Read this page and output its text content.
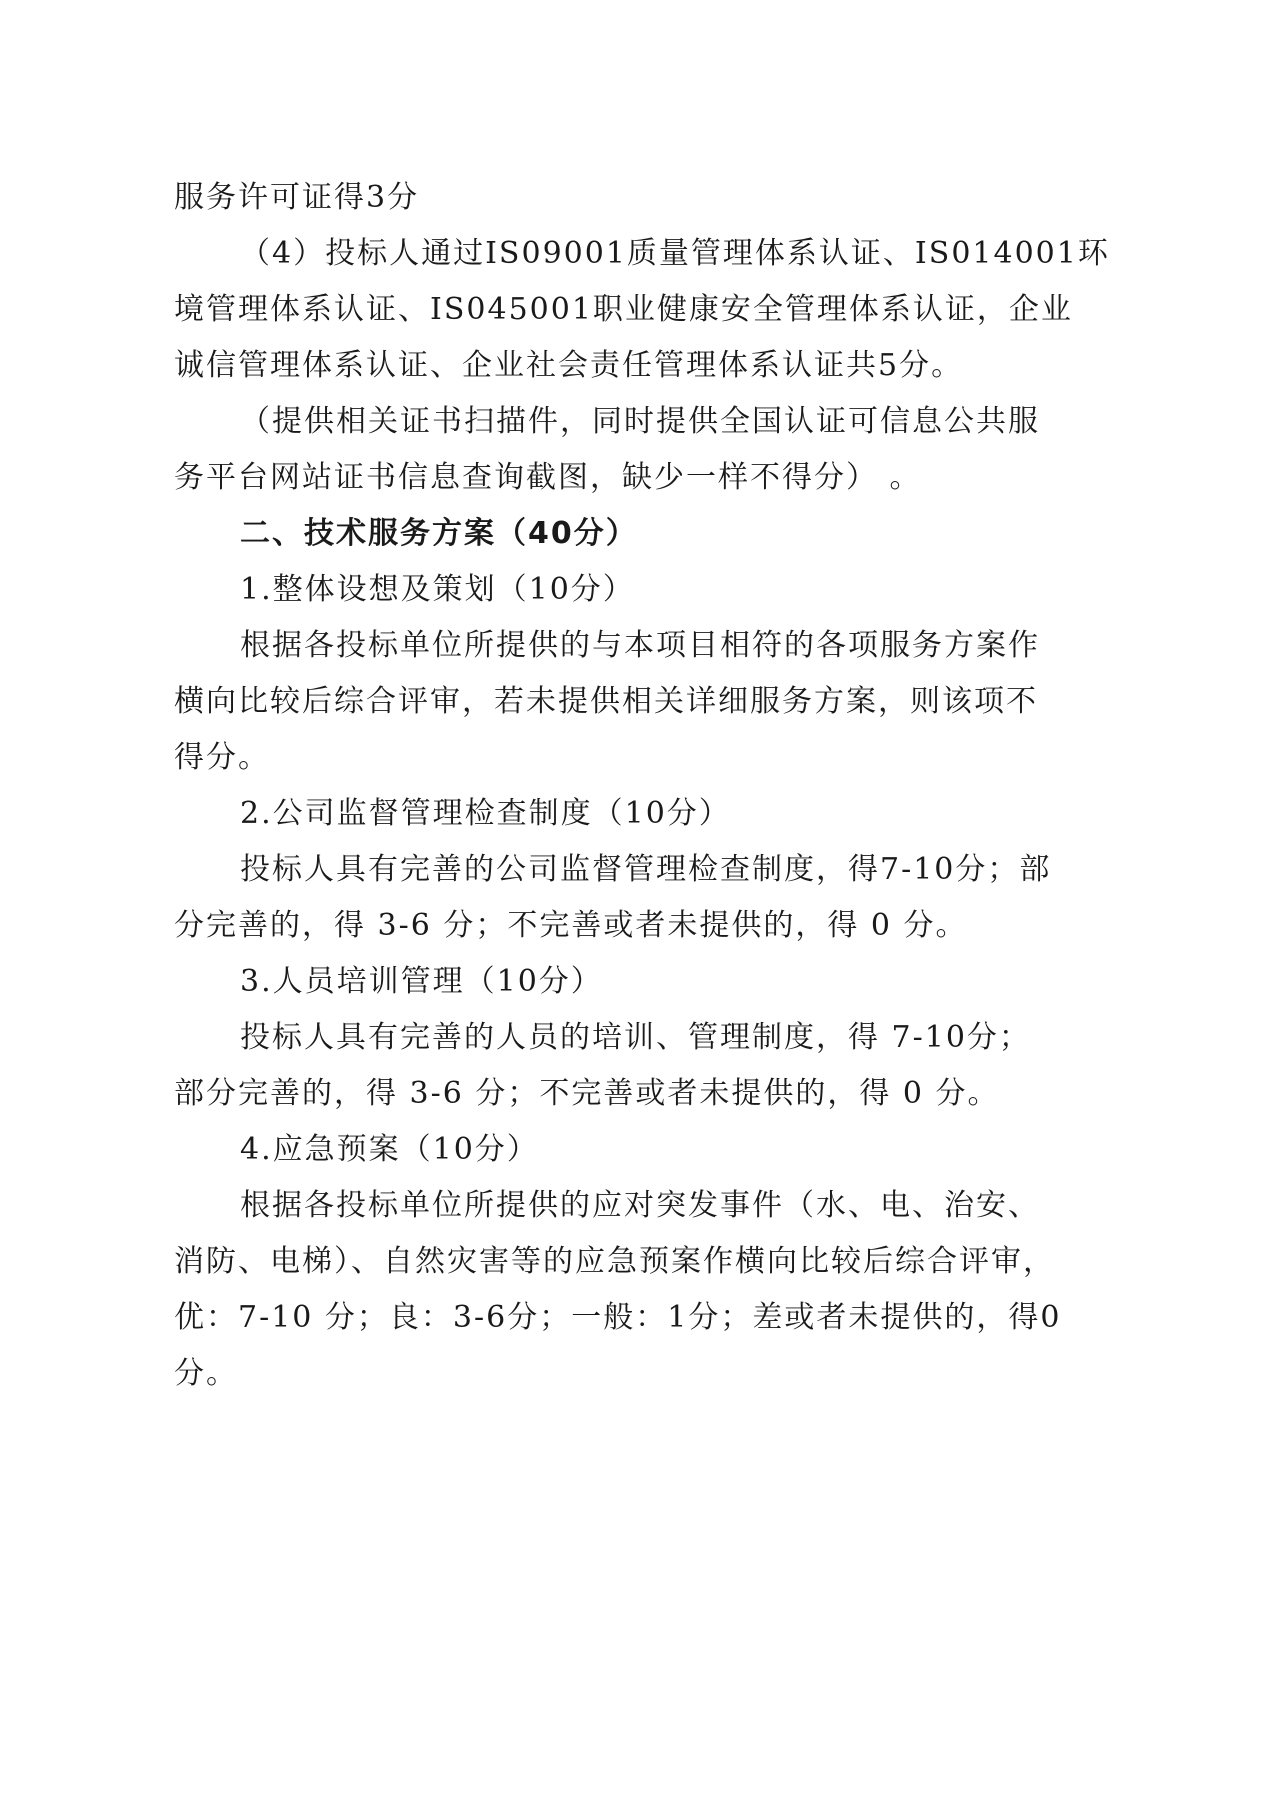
服务许可证得3分

（4）投标人通过IS09001质量管理体系认证、IS014001环

境管理体系认证、IS045001职业健康安全管理体系认证，企业

诚信管理体系认证、企业社会责任管理体系认证共5分。

（提供相关证书扫描件，同时提供全国认证可信息公共服

务平台网站证书信息查询截图，缺少一样不得分） 。

二、技术服务方案（40分）

1.整体设想及策划（10分）

根据各投标单位所提供的与本项目相符的各项服务方案作

横向比较后综合评审，若未提供相关详细服务方案，则该项不

得分。

2.公司监督管理检查制度（10分）

投标人具有完善的公司监督管理检查制度，得7-10分；部

分完善的，得 3-6 分；不完善或者未提供的，得 0 分。

3.人员培训管理（10分）

投标人具有完善的人员的培训、管理制度，得 7-10分；

部分完善的，得 3-6 分；不完善或者未提供的，得 0 分。

4.应急预案（10分）

根据各投标单位所提供的应对突发事件（水、电、治安、

消防、电梯）、自然灾害等的应急预案作横向比较后综合评审，

优：7-10 分；良：3-6分；一般：1分；差或者未提供的，得0

分。
